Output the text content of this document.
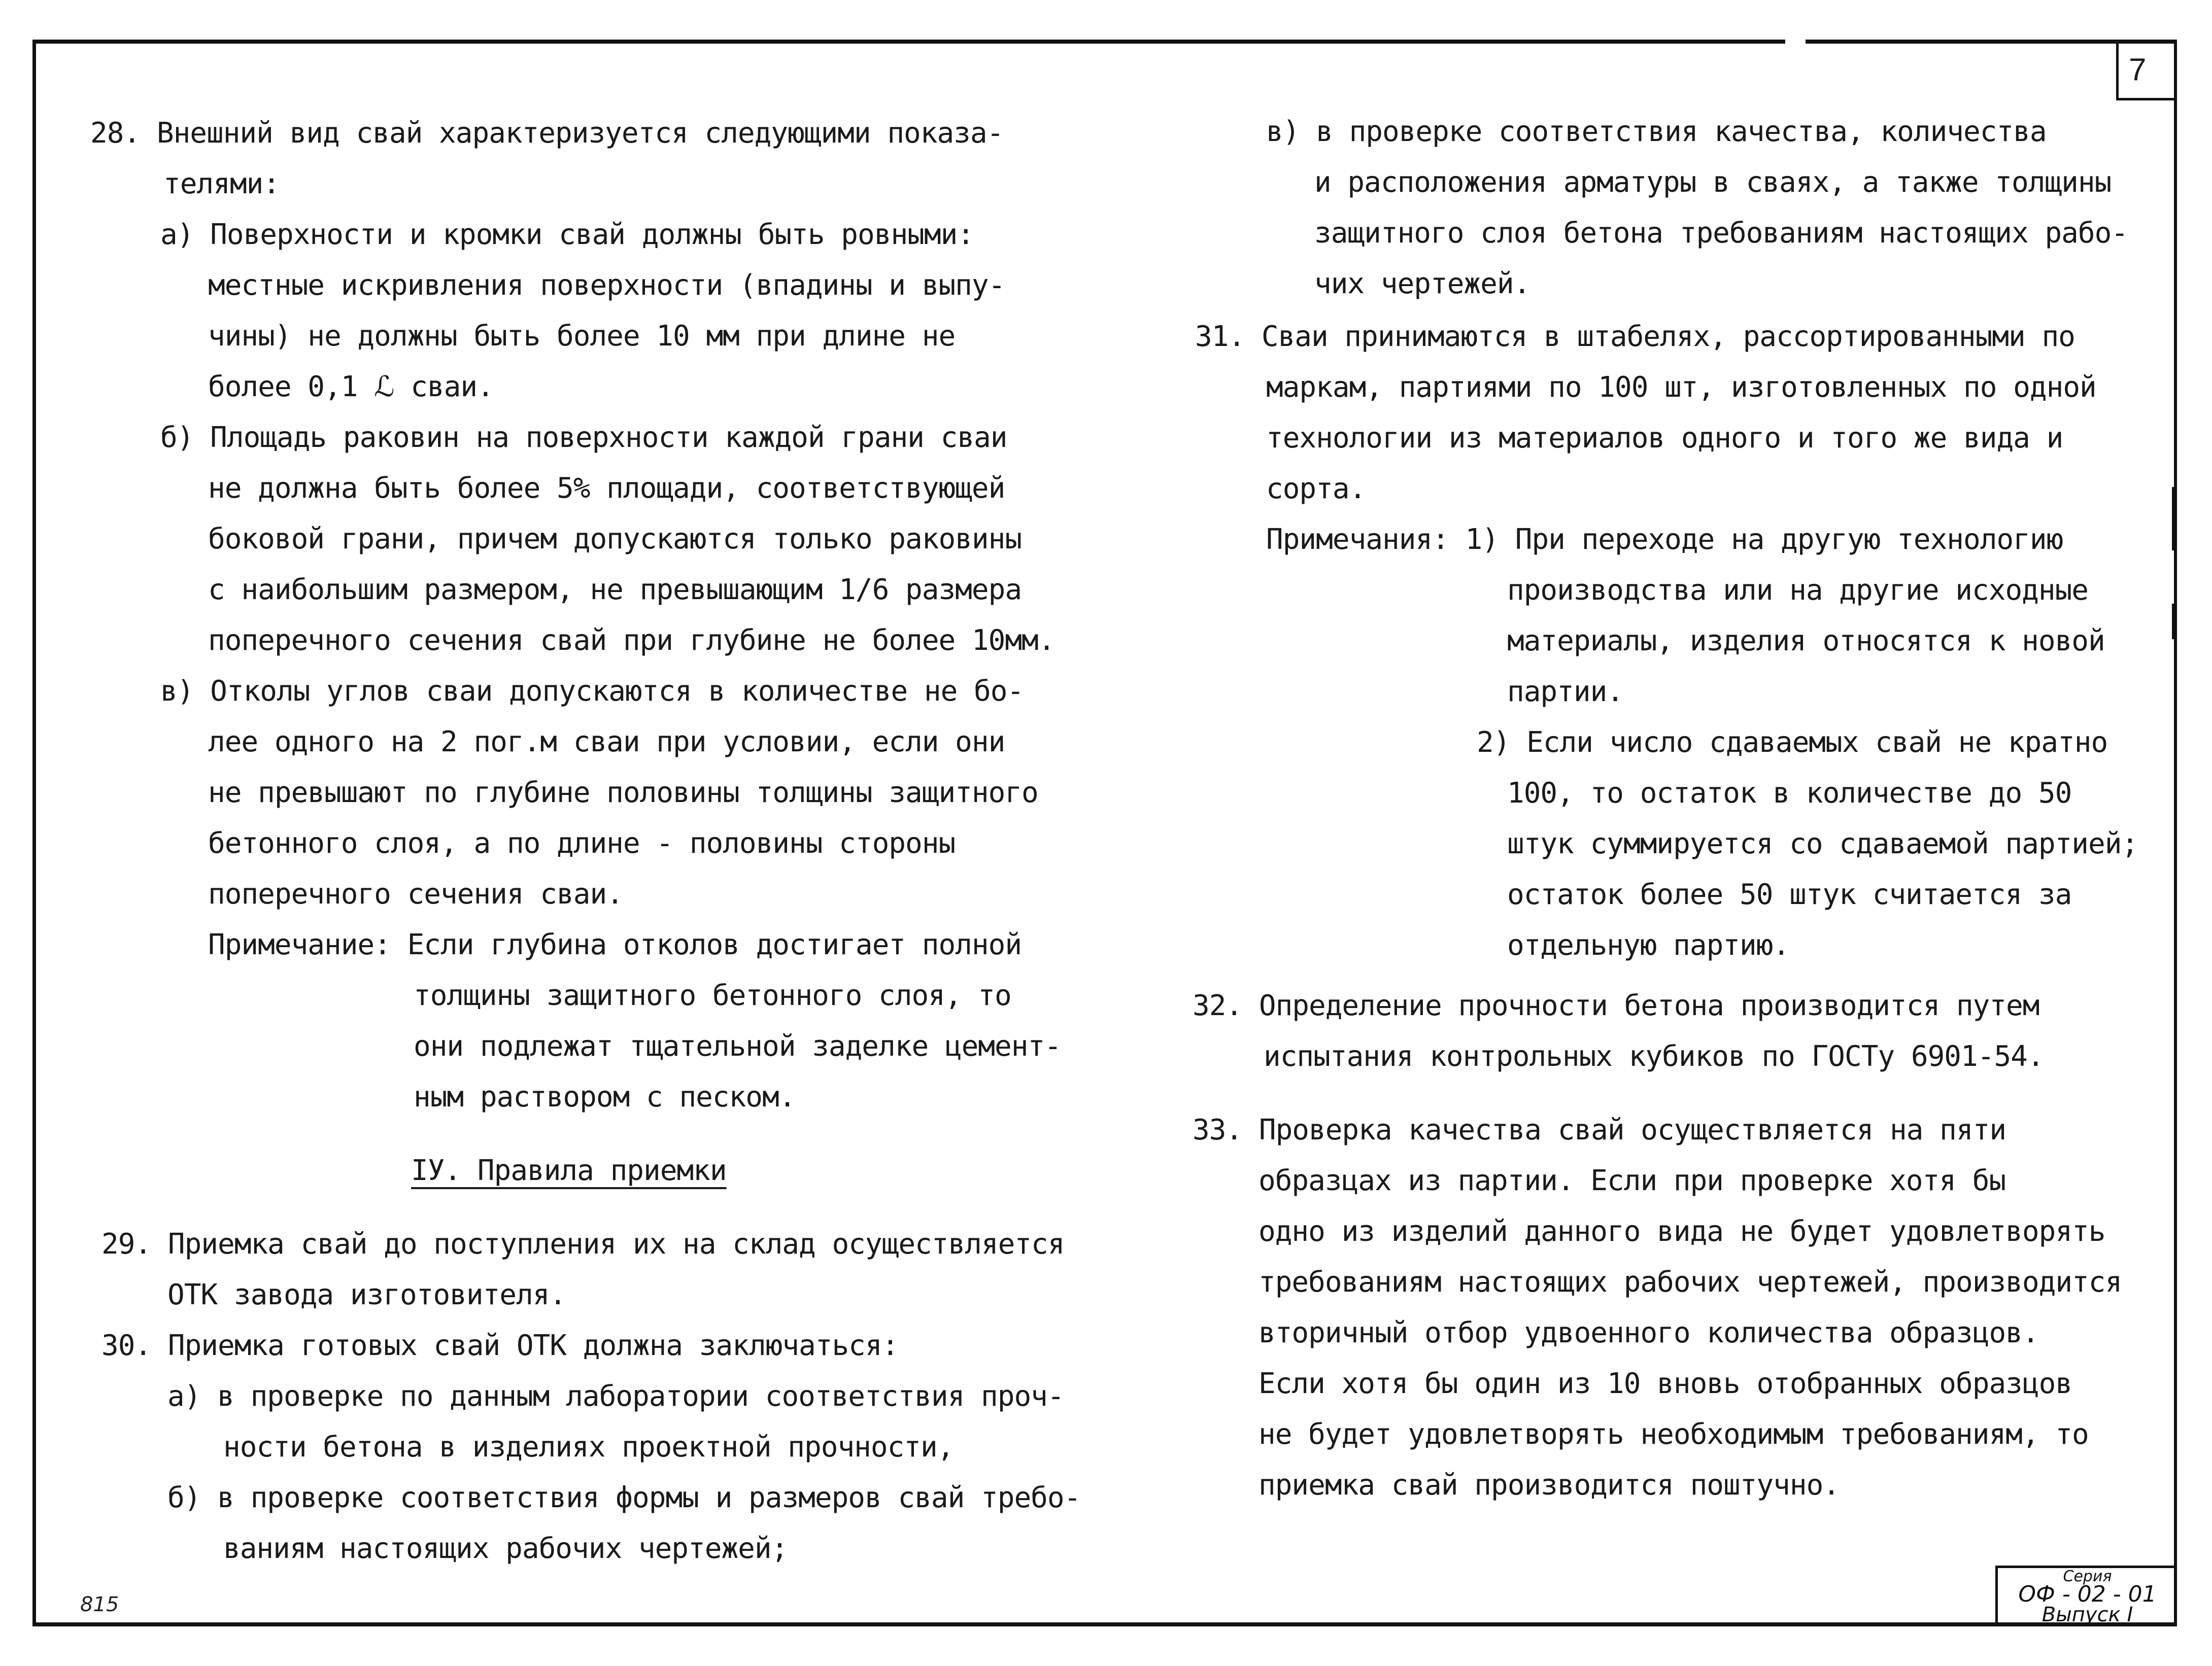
7
28. Внешний вид свай характеризуется следующими показа-
телями:
а) Поверхности и кромки свай должны быть ровными:
местные искривления поверхности (впадины и выпу-
чины) не должны быть более 10 мм при длине не
более 0,1 ℒ сваи.
б) Площадь раковин на поверхности каждой грани сваи
не должна быть более 5% площади, соответствующей
боковой грани, причем допускаются только раковины
с наибольшим размером, не превышающим 1/6 размера
поперечного сечения свай при глубине не более 10мм.
в) Отколы углов сваи допускаются в количестве не бо-
лее одного на 2 пог.м сваи при условии, если они
не превышают по глубине половины толщины защитного
бетонного слоя, а по длине - половины стороны
поперечного сечения сваи.
Примечание: Если глубина отколов достигает полной
толщины защитного бетонного слоя, то
они подлежат тщательной заделке цемент-
ным раствором с песком.
IУ. Правила приемки
29. Приемка свай до поступления их на склад осуществляется
ОТК завода изготовителя.
30. Приемка готовых свай ОТК должна заключаться:
а) в проверке по данным лаборатории соответствия проч-
ности бетона в изделиях проектной прочности,
б) в проверке соответствия формы и размеров свай требо-
ваниям настоящих рабочих чертежей;
в) в проверке соответствия качества, количества
и расположения арматуры в сваях, а также толщины
защитного слоя бетона требованиям настоящих рабо-
чих чертежей.
31. Сваи принимаются в штабелях, рассортированными по
маркам, партиями по 100 шт, изготовленных по одной
технологии из материалов одного и того же вида и
сорта.
Примечания: 1) При переходе на другую технологию
производства или на другие исходные
материалы, изделия относятся к новой
партии.
2) Если число сдаваемых свай не кратно
100, то остаток в количестве до 50
штук суммируется со сдаваемой партией;
остаток более 50 штук считается за
отдельную партию.
32. Определение прочности бетона производится путем
испытания контрольных кубиков по ГОСТу 6901-54.
33. Проверка качества свай осуществляется на пяти
образцах из партии. Если при проверке хотя бы
одно из изделий данного вида не будет удовлетворять
требованиям настоящих рабочих чертежей, производится
вторичный отбор удвоенного количества образцов.
Если хотя бы один из 10 вновь отобранных образцов
не будет удовлетворять необходимым требованиям, то
приемка свай производится поштучно.
815
Серия
ОФ - 02 - 01
Выпуск I
